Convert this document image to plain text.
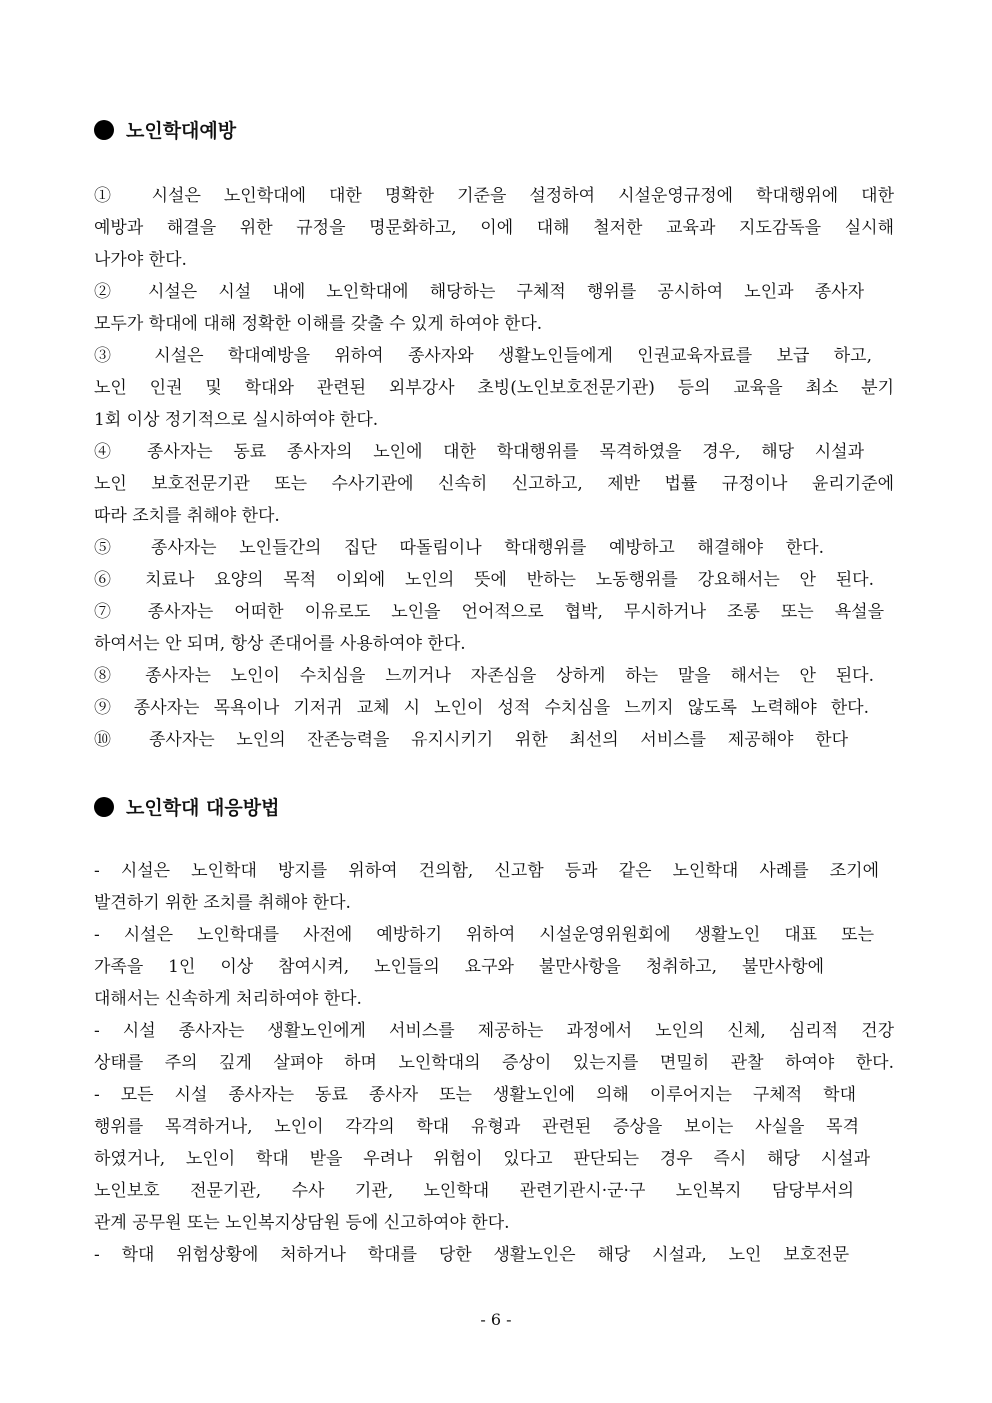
노인학대예방
① 시설은 노인학대에 대한 명확한 기준을 설정하여 시설운영규정에 학대행위에 대한
예방과 해결을 위한 규정을 명문화하고, 이에 대해 철저한 교육과 지도감독을 실시해
나가야 한다.
② 시설은 시설 내에 노인학대에 해당하는 구체적 행위를 공시하여 노인과 종사자
모두가 학대에 대해 정확한 이해를 갖출 수 있게 하여야 한다.
③ 시설은 학대예방을 위하여 종사자와 생활노인들에게 인권교육자료를 보급 하고,
노인 인권 및 학대와 관련된 외부강사 초빙(노인보호전문기관) 등의 교육을 최소 분기
1회 이상 정기적으로 실시하여야 한다.
④ 종사자는 동료 종사자의 노인에 대한 학대행위를 목격하였을 경우, 해당 시설과
노인 보호전문기관 또는 수사기관에 신속히 신고하고, 제반 법률 규정이나 윤리기준에
따라 조치를 취해야 한다.
⑤ 종사자는 노인들간의 집단 따돌림이나 학대행위를 예방하고 해결해야 한다.
⑥ 치료나 요양의 목적 이외에 노인의 뜻에 반하는 노동행위를 강요해서는 안 된다.
⑦ 종사자는 어떠한 이유로도 노인을 언어적으로 협박, 무시하거나 조롱 또는 욕설을
하여서는 안 되며, 항상 존대어를 사용하여야 한다.
⑧ 종사자는 노인이 수치심을 느끼거나 자존심을 상하게 하는 말을 해서는 안 된다.
⑨ 종사자는 목욕이나 기저귀 교체 시 노인이 성적 수치심을 느끼지 않도록 노력해야 한다.
⑩ 종사자는 노인의 잔존능력을 유지시키기 위한 최선의 서비스를 제공해야 한다
노인학대 대응방법
- 시설은 노인학대 방지를 위하여 건의함, 신고함 등과 같은 노인학대 사례를 조기에
발견하기 위한 조치를 취해야 한다.
- 시설은 노인학대를 사전에 예방하기 위하여 시설운영위원회에 생활노인 대표 또는
가족을 1인 이상 참여시켜, 노인들의 요구와 불만사항을 청취하고, 불만사항에
대해서는 신속하게 처리하여야 한다.
- 시설 종사자는 생활노인에게 서비스를 제공하는 과정에서 노인의 신체, 심리적 건강
상태를 주의 깊게 살펴야 하며 노인학대의 증상이 있는지를 면밀히 관찰 하여야 한다.
- 모든 시설 종사자는 동료 종사자 또는 생활노인에 의해 이루어지는 구체적 학대
행위를 목격하거나, 노인이 각각의 학대 유형과 관련된 증상을 보이는 사실을 목격
하였거나, 노인이 학대 받을 우려나 위험이 있다고 판단되는 경우 즉시 해당 시설과
노인보호 전문기관, 수사 기관, 노인학대 관련기관시·군·구 노인복지 담당부서의
관계 공무원 또는 노인복지상담원 등에 신고하여야 한다.
- 학대 위험상황에 처하거나 학대를 당한 생활노인은 해당 시설과, 노인 보호전문
- 6 -
